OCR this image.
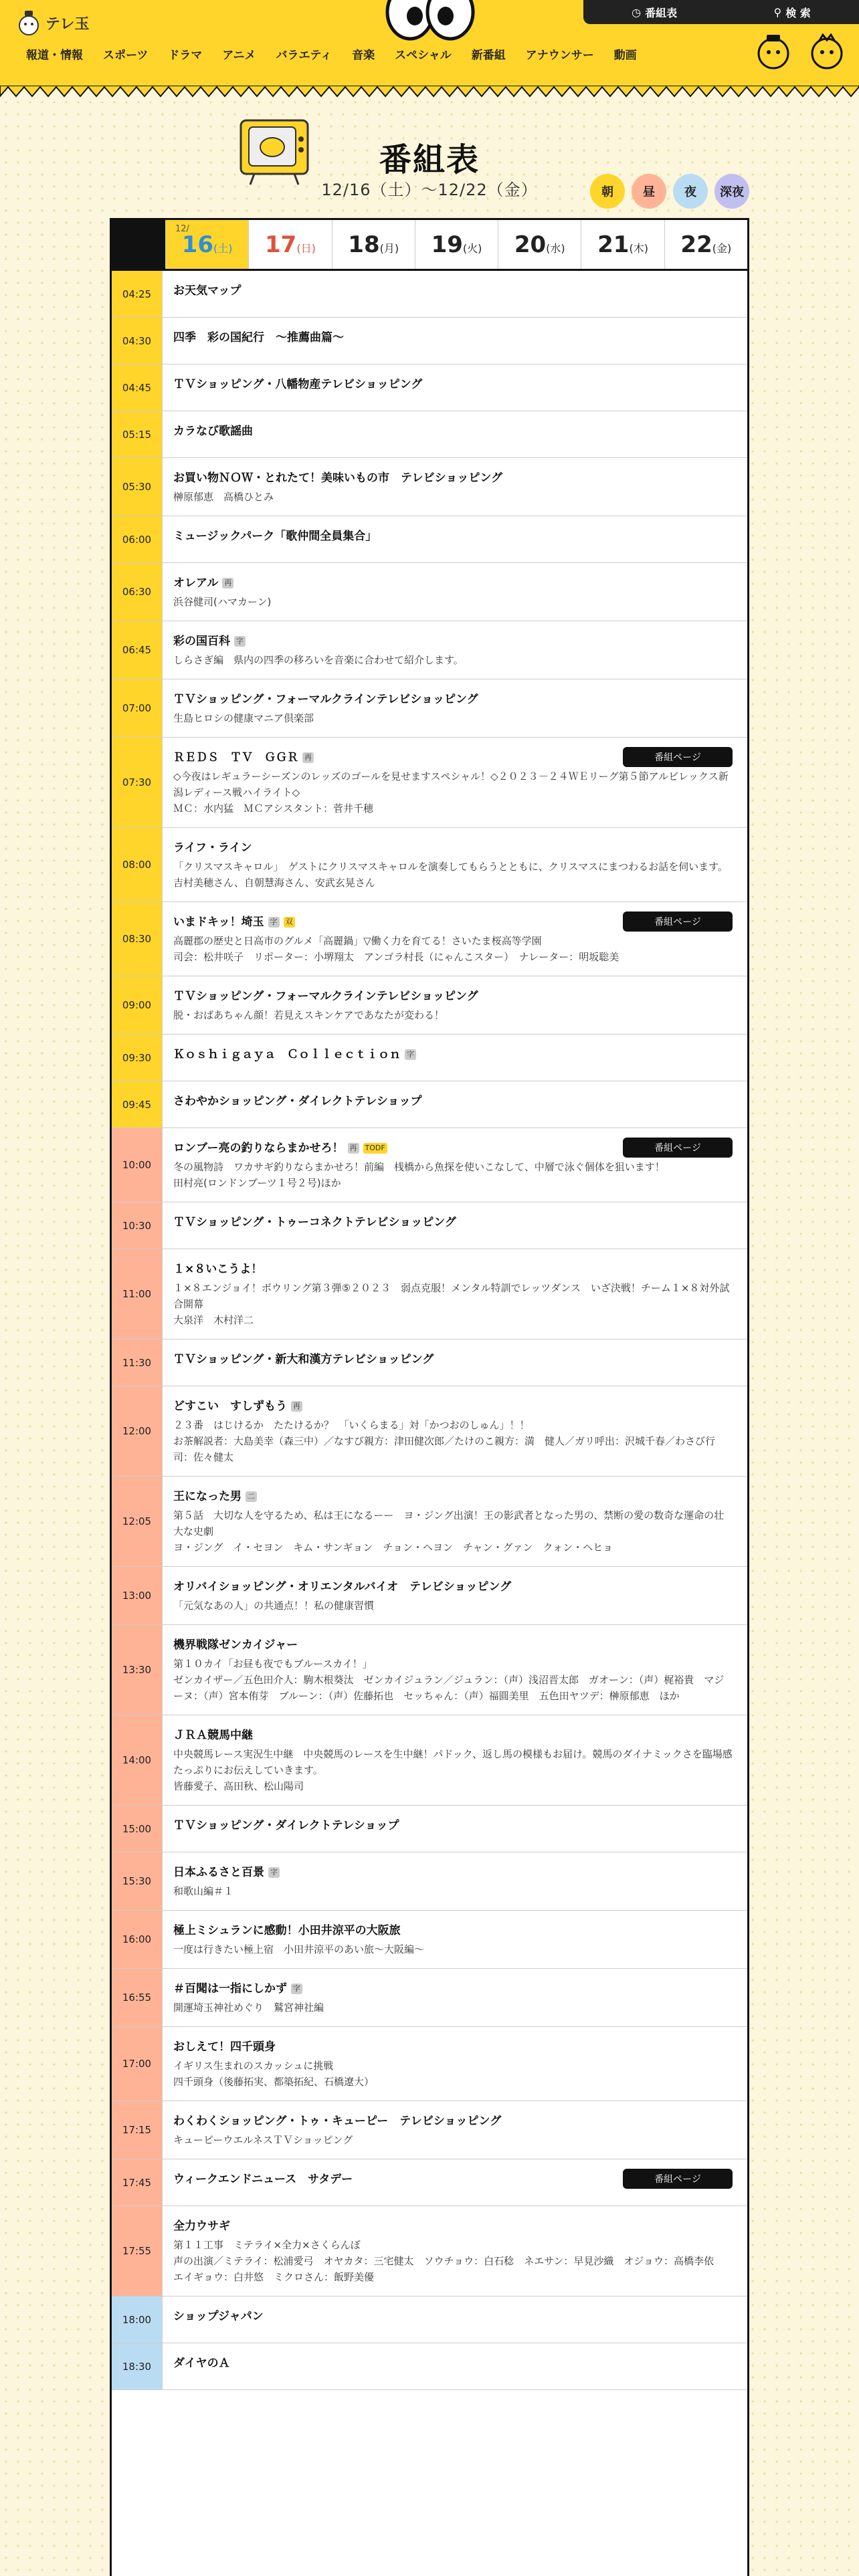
テレ玉
◷ 番組表	⚲ 検 索
報道・情報	スポーツ	ドラマ	アニメ	バラエティ	音楽	スペシャル	新番組	アナウンサー	動画
番組表
12/16（土）〜12/22（金）	朝	昼	夜	深夜
12/
16(土) 17(日) 18(月) 19(火) 20(水) 21(木) 22(金)
04:25	お天気マップ
04:30	四季　彩の国紀行　〜推薦曲篇〜
04:45	ＴＶショッピング・八幡物産テレビショッピング
05:15	カラなび歌謡曲
05:30
お買い物ＮＯＷ・とれたて！美味いもの市　テレビショッピング
榊原郁恵　高橋ひとみ
06:00	ミュージックパーク「歌仲間全員集合」
06:30
オレアル 再
浜谷健司(ハマカーン)
06:45
彩の国百科 字
しらさぎ編　県内の四季の移ろいを音楽に合わせて紹介します。
07:00
ＴＶショッピング・フォーマルクラインテレビショッピング
生島ヒロシの健康マニア倶楽部
07:30
ＲＥＤＳ　ＴＶ　ＧＧＲ 再
◇今夜はレギュラーシーズンのレッズのゴールを見せますスペシャル！◇２０２３－２４ＷＥリーグ第５節アルビレックス新潟レディース戦ハイライト◇
ＭＣ：水内猛　ＭＣアシスタント：菅井千穂
番組ページ
08:00
ライフ・ライン
「クリスマスキャロル」　ゲストにクリスマスキャロルを演奏してもらうとともに、クリスマスにまつわるお話を伺います。
吉村美穂さん、自朝慧海さん、安武玄晃さん
08:30
いまドキッ！埼玉 字 双
高麗郡の歴史と日高市のグルメ「高麗鍋」▽働く力を育てる！さいたま桜高等学園
司会：松井咲子　リポーター：小堺翔太　アンゴラ村長（にゃんこスター）　ナレーター：明坂聡美
番組ページ
09:00
ＴＶショッピング・フォーマルクラインテレビショッピング
脱・おばあちゃん顔！若見えスキンケアであなたが変わる！
09:30	Ｋｏｓｈｉｇａｙａ　Ｃｏｌｌｅｃｔｉｏｎ 字
09:45	さわやかショッピング・ダイレクトテレショップ
10:00
ロンブー亮の釣りならまかせろ！ 再 TODF
冬の風物詩　ワカサギ釣りならまかせろ！前編　桟橋から魚探を使いこなして、中層で泳ぐ個体を狙います！
田村亮(ロンドンブーツ１号２号)ほか
番組ページ
10:30	ＴＶショッピング・トゥーコネクトテレビショッピング
11:00
１×８いこうよ！
１×８エンジョイ！ボウリング第３弾⑤２０２３　弱点克服！メンタル特訓でレッツダンス　いざ決戦！チーム１×８対外試合開幕
大泉洋　木村洋二
11:30	ＴＶショッピング・新大和漢方テレビショッピング
12:00
どすこい　すしずもう 再
２３番　はじけるか　たたけるか？　「いくらまる」対「かつおのしゅん」！！
お茶解説者：大島美幸（森三中）／なすび親方：津田健次郎／たけのこ親方：満　健人／ガリ呼出：沢城千春／わさび行司：佐々健太
12:05
王になった男 二
第５話　大切な人を守るため、私は王になるーー　ヨ・ジング出演！王の影武者となった男の、禁断の愛の数奇な運命の壮大な史劇
ヨ・ジング　イ・セヨン　キム・サンギョン　チョン・ヘヨン　チャン・グァン　クォン・ヘヒョ
13:00
オリバイショッピング・オリエンタルバイオ　テレビショッピング
「元気なあの人」の共通点！！私の健康習慣
13:30
機界戦隊ゼンカイジャー
第１０カイ「お昼も夜でもブルースカイ！」
ゼンカイザー／五色田介人：駒木根葵汰　ゼンカイジュラン／ジュラン：（声）浅沼晋太郎　ガオーン：（声）梶裕貴　マジーヌ：（声）宮本侑芽　ブルーン：（声）佐藤拓也　セッちゃん：（声）福圓美里　五色田ヤツデ：榊原郁恵　ほか
14:00
ＪＲＡ競馬中継
中央競馬レース実況生中継　中央競馬のレースを生中継！パドック、返し馬の模様もお届け。競馬のダイナミックさを臨場感たっぷりにお伝えしていきます。
皆藤愛子、高田秋、松山陽司
15:00	ＴＶショッピング・ダイレクトテレショップ
15:30
日本ふるさと百景 字
和歌山編＃１
16:00
極上ミシュランに感動！小田井涼平の大阪旅
一度は行きたい極上宿　小田井涼平のあい旅〜大阪編〜
16:55
＃百聞は一指にしかず 字
開運埼玉神社めぐり　鷲宮神社編
17:00
おしえて！四千頭身
イギリス生まれのスカッシュに挑戦
四千頭身（後藤拓実、都築拓紀、石橋遼大）
17:15
わくわくショッピング・トゥ・キューピー　テレビショッピング
キューピーウエルネスＴＶショッピング
17:45	ウィークエンドニュース　サタデー	番組ページ
17:55
全力ウサギ
第１１工事　ミテライ×全力×さくらんぼ
声の出演／ミテライ：松浦愛弓　オヤカタ：三宅健太　ソウチョウ：白石稔　ネエサン：早見沙織　オジョウ：高橋李依　エイギョウ：白井悠　ミクロさん：飯野美優
18:00	ショップジャパン
18:30	ダイヤのＡ
